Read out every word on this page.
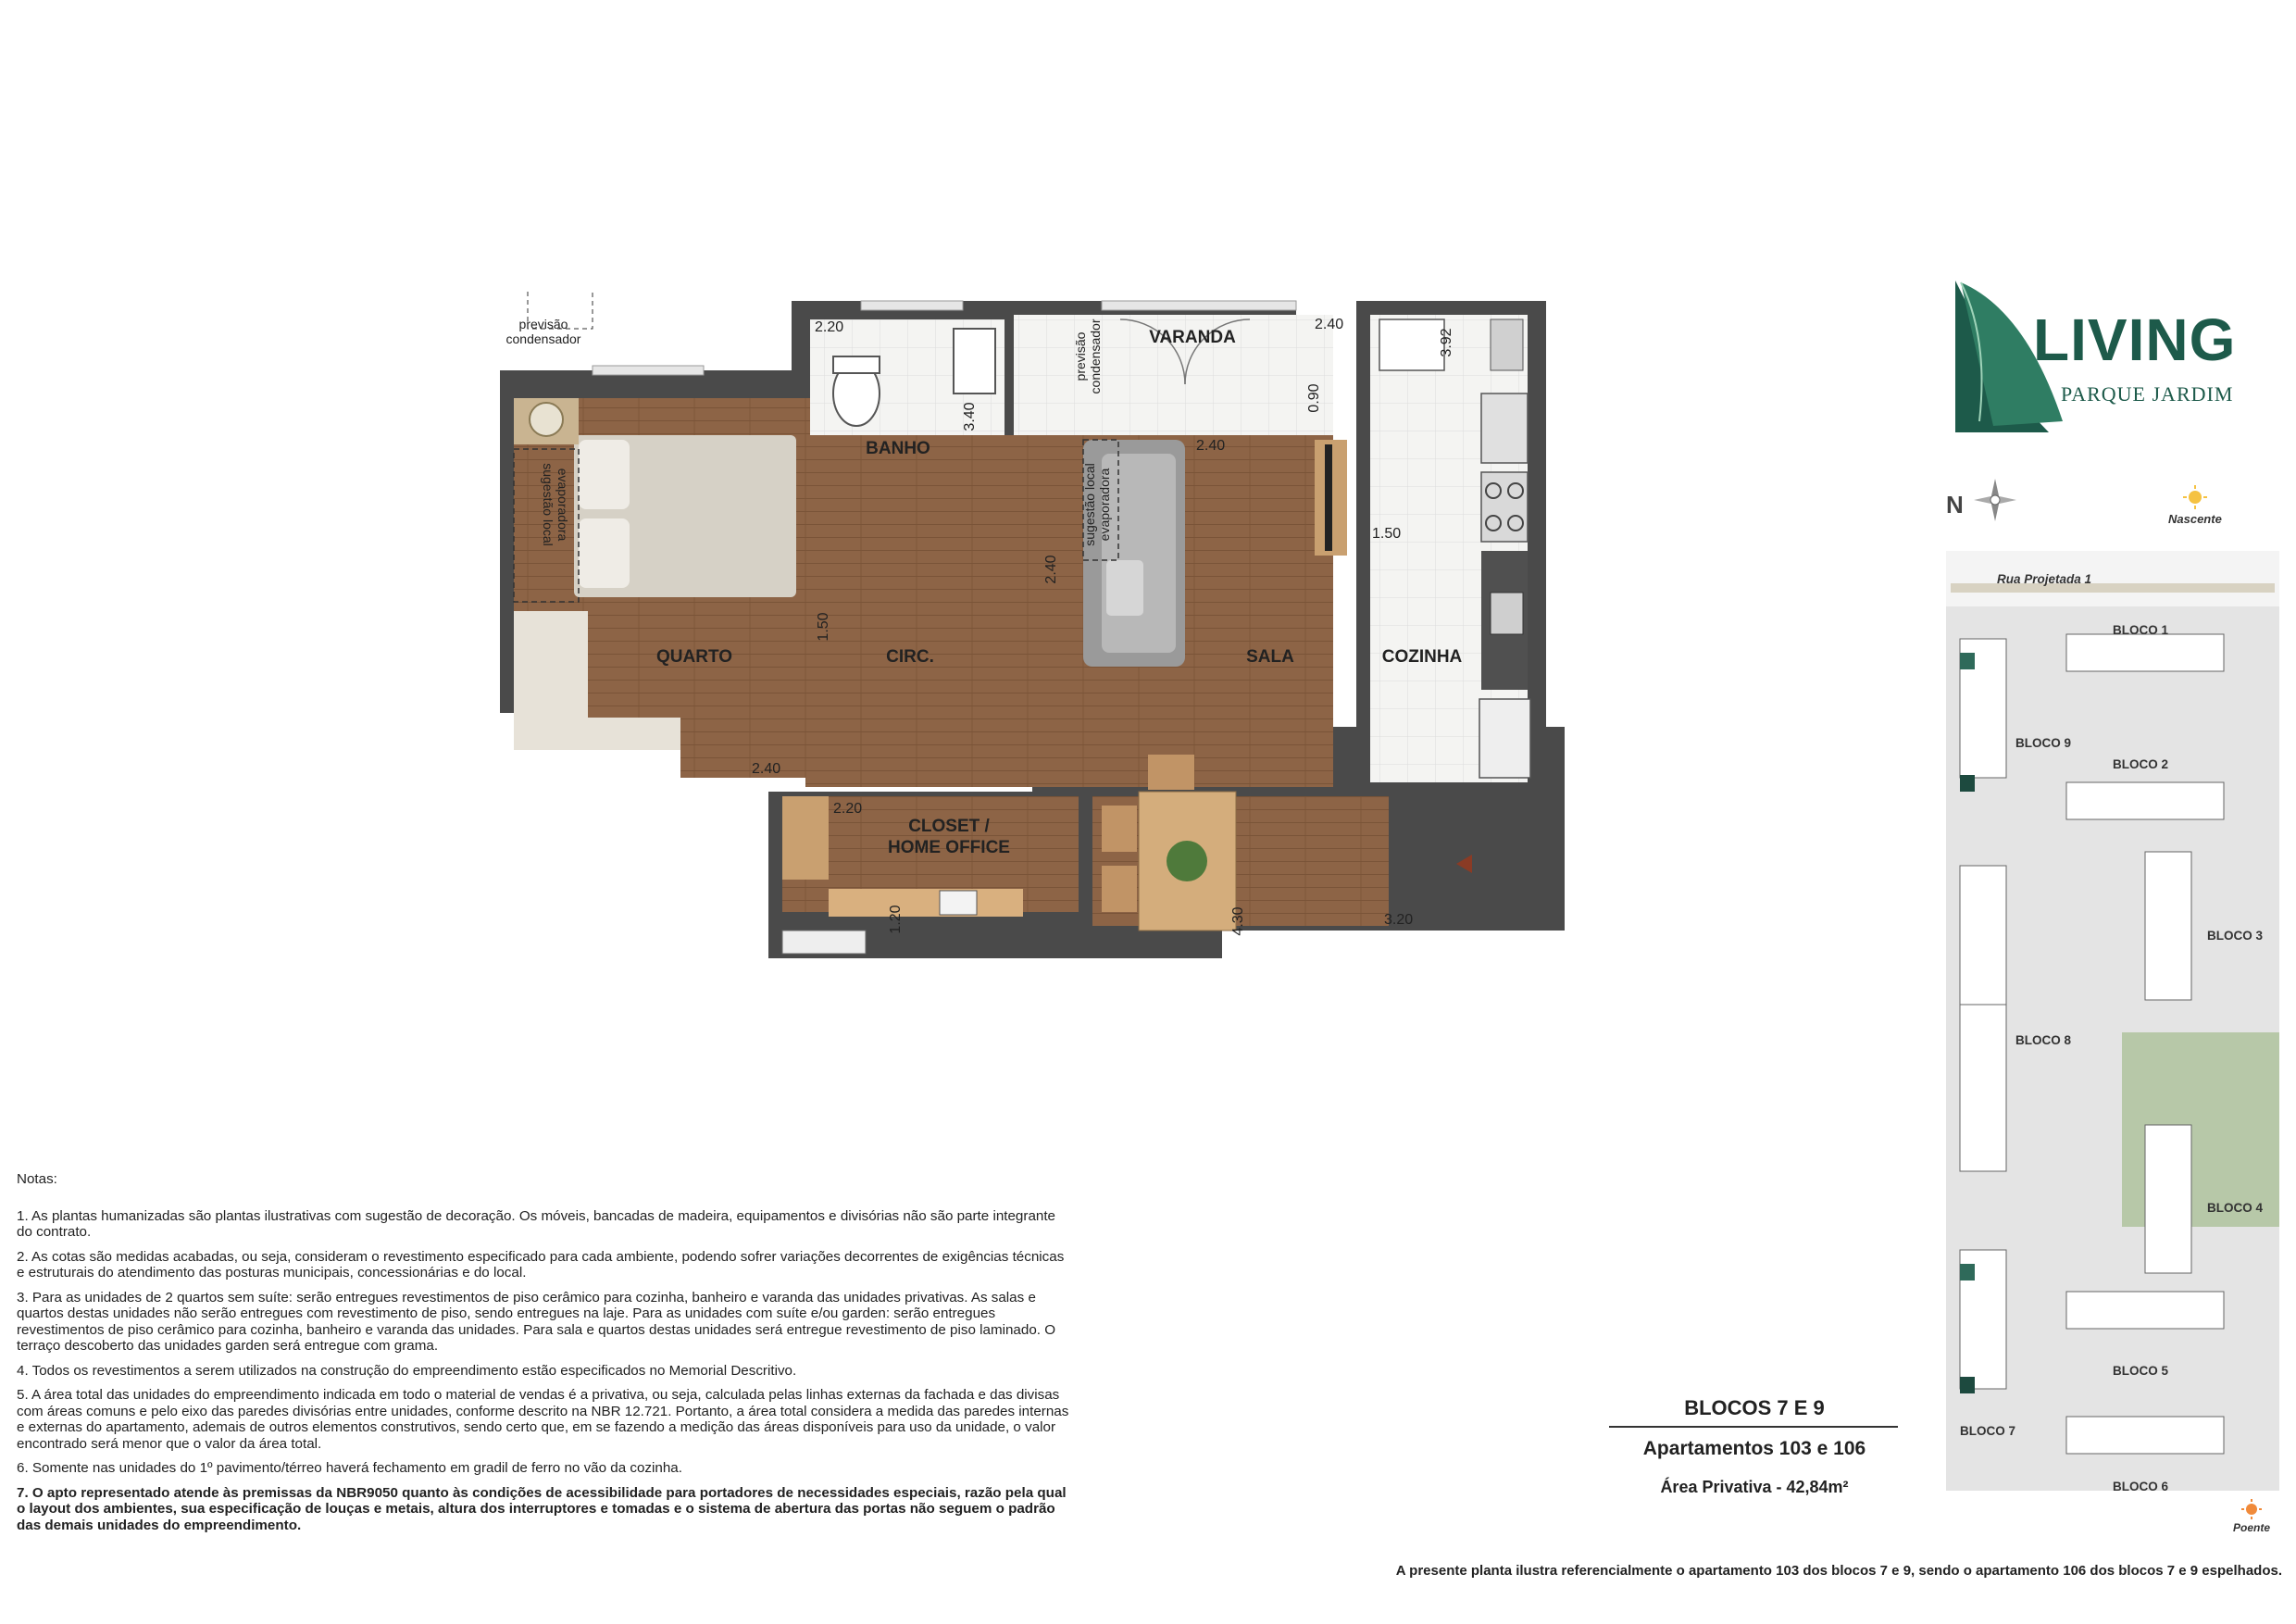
QUARTO	CIRC.
BANHO
VARANDA
SALA	COZINHA
CLOSET /
HOME OFFICE
previsão
condensador
sugestão local evaporadora	sugestão local evaporadora
previsão condensador
3.40
2.40
2.20
2.40
2.40
0.90
2.40
1.50
3.92
1.50
2.20
1.20	4.30	3.20

Notas:

1. As plantas humanizadas são plantas ilustrativas com sugestão de decoração. Os móveis, bancadas de madeira, equipamentos e divisórias não são parte integrante do contrato.

2. As cotas são medidas acabadas, ou seja, consideram o revestimento especificado para cada ambiente, podendo sofrer variações decorrentes de exigências técnicas e estruturais do atendimento das posturas municipais, concessionárias e do local.

3. Para as unidades de 2 quartos sem suíte: serão entregues revestimentos de piso cerâmico para cozinha, banheiro e varanda das unidades privativas. As salas e quartos destas unidades não serão entregues com revestimento de piso, sendo entregues na laje. Para as unidades com suíte e/ou garden: serão entregues revestimentos de piso cerâmico para cozinha, banheiro e varanda das unidades. Para sala e quartos destas unidades será entregue revestimento de piso laminado. O terraço descoberto das unidades garden será entregue com grama.

4. Todos os revestimentos a serem utilizados na construção do empreendimento estão especificados no Memorial Descritivo.

5. A área total das unidades do empreendimento indicada em todo o material de vendas é a privativa, ou seja, calculada pelas linhas externas da fachada e das divisas com áreas comuns e pelo eixo das paredes divisórias entre unidades, conforme descrito na NBR 12.721. Portanto, a área total considera a medida das paredes internas e externas do apartamento, ademais de outros elementos construtivos, sendo certo que, em se fazendo a medição das áreas disponíveis para uso da unidade, o valor encontrado será menor que o valor da área total.

6. Somente nas unidades do 1º pavimento/térreo haverá fechamento em gradil de ferro no vão da cozinha.

7. O apto representado atende às premissas da NBR9050 quanto às condições de acessibilidade para portadores de necessidades especiais, razão pela qual o layout dos ambientes, sua especificação de louças e metais, altura dos interruptores e tomadas e o sistema de abertura das portas não seguem o padrão das demais unidades do empreendimento.

BLOCOS 7 E 9
Apartamentos 103 e 106
Área Privativa - 42,84m²
A presente planta ilustra referencialmente o apartamento 103 dos blocos 7 e 9, sendo o apartamento 106 dos blocos 7 e 9 espelhados.
LIVING
PARQUE JARDIM
N
Nascente
Rua Projetada 1
BLOCO 1
BLOCO 2
BLOCO 3
BLOCO 4
BLOCO 5
BLOCO 6
BLOCO 7
BLOCO 8
BLOCO 9
Poente
